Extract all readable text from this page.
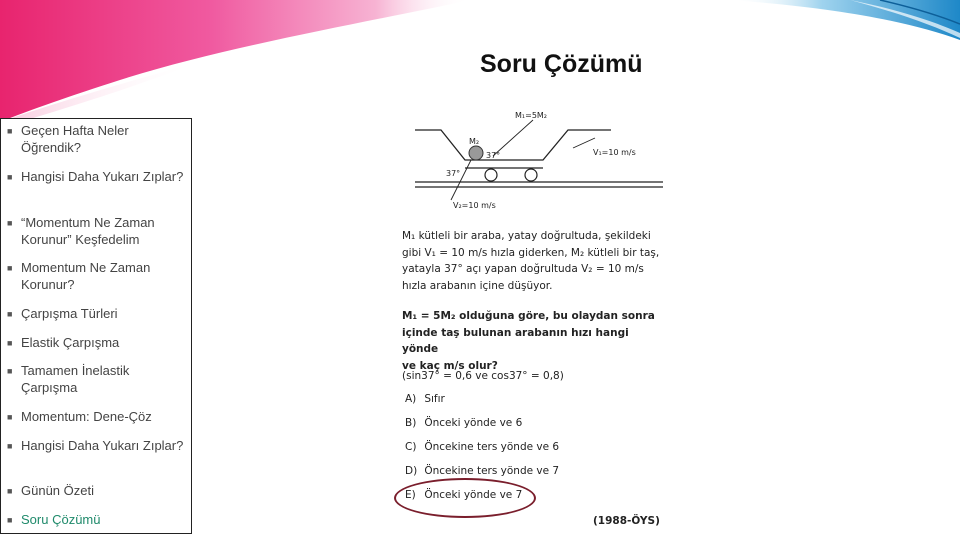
Soru Çözümü
■ Geçen Hafta Neler Öğrendik?
■ Hangisi Daha Yukarı Zıplar?
■ “Momentum Ne Zaman Korunur” Keşfedelim
■ Momentum Ne Zaman Korunur?
■ Çarpışma Türleri
■ Elastik Çarpışma
■ Tamamen İnelastik Çarpışma
■ Momentum: Dene-Çöz
■ Hangisi Daha Yukarı Zıplar?
■ Günün Özeti
■ Soru Çözümü
M₁=5M₂
M₂
37°
37°
V₁=10 m/s
V₂=10 m/s
M₁ kütleli bir araba, yatay doğrultuda, şekildeki
gibi V₁ = 10 m/s hızla giderken, M₂ kütleli bir taş,
yatayla 37° açı yapan doğrultuda V₂ = 10 m/s
hızla arabanın içine düşüyor.
M₁ = 5M₂ olduğuna göre, bu olaydan sonra
içinde taş bulunan arabanın hızı hangi yönde
ve kaç m/s olur?
(sin37° = 0,6 ve cos37° = 0,8)
A) Sıfır
B) Önceki yönde ve 6
C) Öncekine ters yönde ve 6
D) Öncekine ters yönde ve 7
E) Önceki yönde ve 7
(1988-ÖYS)
